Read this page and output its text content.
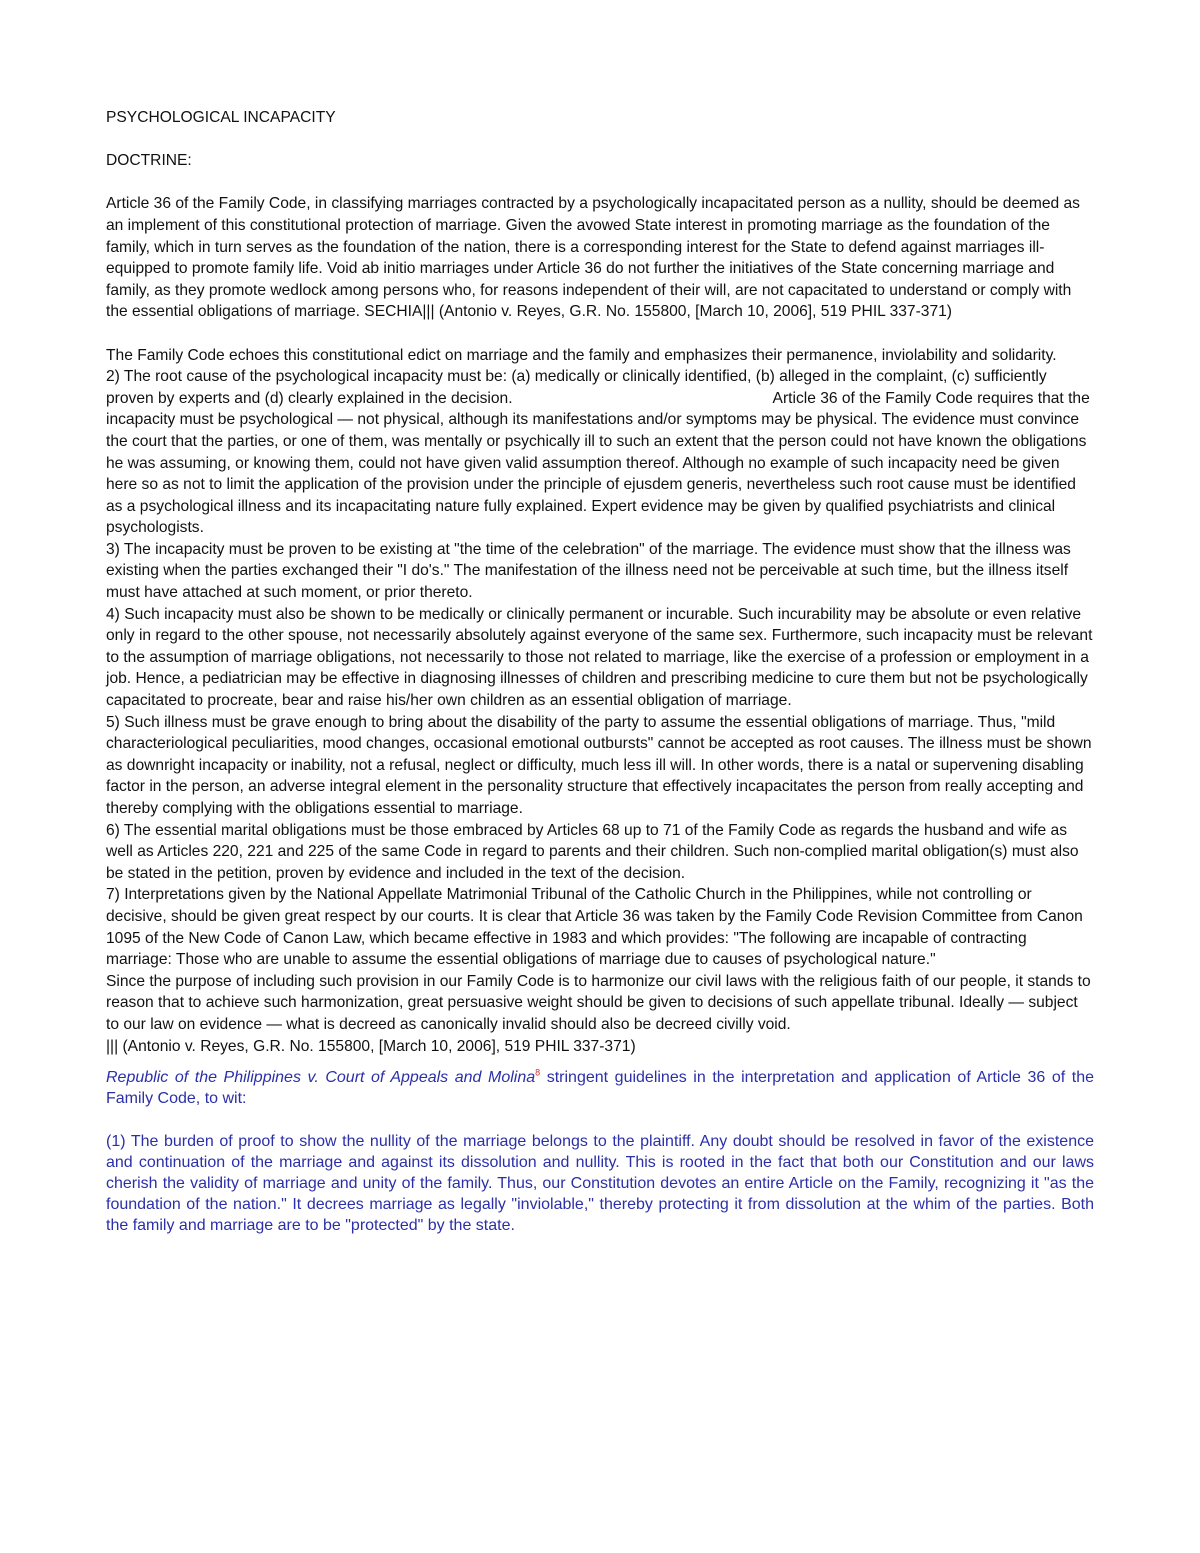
PSYCHOLOGICAL INCAPACITY

DOCTRINE:

Article 36 of the Family Code, in classifying marriages contracted by a psychologically incapacitated person as a nullity, should be deemed as an implement of this constitutional protection of marriage. Given the avowed State interest in promoting marriage as the foundation of the family, which in turn serves as the foundation of the nation, there is a corresponding interest for the State to defend against marriages ill-equipped to promote family life. Void ab initio marriages under Article 36 do not further the initiatives of the State concerning marriage and family, as they promote wedlock among persons who, for reasons independent of their will, are not capacitated to understand or comply with the essential obligations of marriage. SECHIA||| (Antonio v. Reyes, G.R. No. 155800, [March 10, 2006], 519 PHIL 337-371)

The Family Code echoes this constitutional edict on marriage and the family and emphasizes their permanence, inviolability and solidarity.

2) The root cause of the psychological incapacity must be: (a) medically or clinically identified, (b) alleged in the complaint, (c) sufficiently proven by experts and (d) clearly explained in the decision.	Article 36 of the Family Code requires that the incapacity must be psychological — not physical, although its manifestations and/or symptoms may be physical. The evidence must convince the court that the parties, or one of them, was mentally or psychically ill to such an extent that the person could not have known the obligations he was assuming, or knowing them, could not have given valid assumption thereof. Although no example of such incapacity need be given here so as not to limit the application of the provision under the principle of ejusdem generis, nevertheless such root cause must be identified as a psychological illness and its incapacitating nature fully explained. Expert evidence may be given by qualified psychiatrists and clinical psychologists.

3) The incapacity must be proven to be existing at "the time of the celebration" of the marriage. The evidence must show that the illness was existing when the parties exchanged their "I do's." The manifestation of the illness need not be perceivable at such time, but the illness itself must have attached at such moment, or prior thereto.

4) Such incapacity must also be shown to be medically or clinically permanent or incurable. Such incurability may be absolute or even relative only in regard to the other spouse, not necessarily absolutely against everyone of the same sex. Furthermore, such incapacity must be relevant to the assumption of marriage obligations, not necessarily to those not related to marriage, like the exercise of a profession or employment in a job. Hence, a pediatrician may be effective in diagnosing illnesses of children and prescribing medicine to cure them but not be psychologically capacitated to procreate, bear and raise his/her own children as an essential obligation of marriage.

5) Such illness must be grave enough to bring about the disability of the party to assume the essential obligations of marriage. Thus, "mild characteriological peculiarities, mood changes, occasional emotional outbursts" cannot be accepted as root causes. The illness must be shown as downright incapacity or inability, not a refusal, neglect or difficulty, much less ill will. In other words, there is a natal or supervening disabling factor in the person, an adverse integral element in the personality structure that effectively incapacitates the person from really accepting and thereby complying with the obligations essential to marriage.

6) The essential marital obligations must be those embraced by Articles 68 up to 71 of the Family Code as regards the husband and wife as well as Articles 220, 221 and 225 of the same Code in regard to parents and their children. Such non-complied marital obligation(s) must also be stated in the petition, proven by evidence and included in the text of the decision.

7) Interpretations given by the National Appellate Matrimonial Tribunal of the Catholic Church in the Philippines, while not controlling or decisive, should be given great respect by our courts. It is clear that Article 36 was taken by the Family Code Revision Committee from Canon 1095 of the New Code of Canon Law, which became effective in 1983 and which provides: "The following are incapable of contracting marriage: Those who are unable to assume the essential obligations of marriage due to causes of psychological nature."

Since the purpose of including such provision in our Family Code is to harmonize our civil laws with the religious faith of our people, it stands to reason that to achieve such harmonization, great persuasive weight should be given to decisions of such appellate tribunal. Ideally — subject to our law on evidence — what is decreed as canonically invalid should also be decreed civilly void.

||| (Antonio v. Reyes, G.R. No. 155800, [March 10, 2006], 519 PHIL 337-371)

Republic of the Philippines v. Court of Appeals and Molina$^8$ stringent guidelines in the interpretation and application of Article 36 of the Family Code, to wit:

(1) The burden of proof to show the nullity of the marriage belongs to the plaintiff. Any doubt should be resolved in favor of the existence and continuation of the marriage and against its dissolution and nullity. This is rooted in the fact that both our Constitution and our laws cherish the validity of marriage and unity of the family. Thus, our Constitution devotes an entire Article on the Family, recognizing it "as the foundation of the nation." It decrees marriage as legally "inviolable," thereby protecting it from dissolution at the whim of the parties. Both the family and marriage are to be "protected" by the state.
